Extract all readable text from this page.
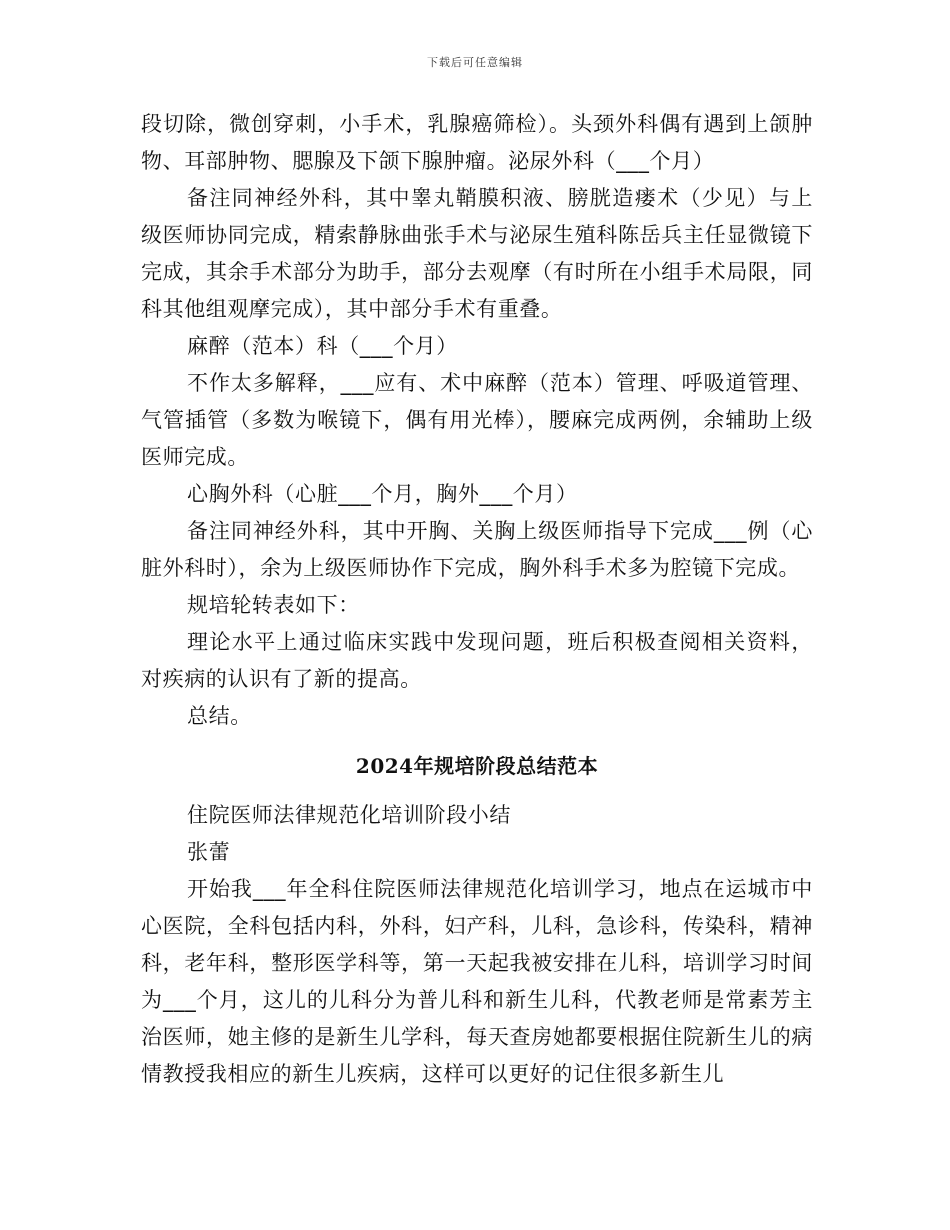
下载后可任意编辑

段切除，微创穿刺，小手术，乳腺癌筛检）。头颈外科偶有遇到上颌肿物、耳部肿物、腮腺及下颌下腺肿瘤。泌尿外科（___个月）

备注同神经外科，其中睾丸鞘膜积液、膀胱造瘘术（少见）与上级医师协同完成，精索静脉曲张手术与泌尿生殖科陈岳兵主任显微镜下完成，其余手术部分为助手，部分去观摩（有时所在小组手术局限，同科其他组观摩完成），其中部分手术有重叠。

麻醉（范本）科（___个月）

不作太多解释，___应有、术中麻醉（范本）管理、呼吸道管理、气管插管（多数为喉镜下，偶有用光棒），腰麻完成两例，余辅助上级医师完成。

心胸外科（心脏___个月，胸外___个月）

备注同神经外科，其中开胸、关胸上级医师指导下完成___例（心脏外科时），余为上级医师协作下完成，胸外科手术多为腔镜下完成。

规培轮转表如下：

理论水平上通过临床实践中发现问题，班后积极查阅相关资料，对疾病的认识有了新的提高。

总结。

2024年规培阶段总结范本

住院医师法律规范化培训阶段小结

张蕾

开始我___年全科住院医师法律规范化培训学习，地点在运城市中心医院，全科包括内科，外科，妇产科，儿科，急诊科，传染科，精神科，老年科，整形医学科等，第一天起我被安排在儿科，培训学习时间为___个月，这儿的儿科分为普儿科和新生儿科，代教老师是常素芳主治医师，她主修的是新生儿学科，每天查房她都要根据住院新生儿的病情教授我相应的新生儿疾病，这样可以更好的记住很多新生儿
